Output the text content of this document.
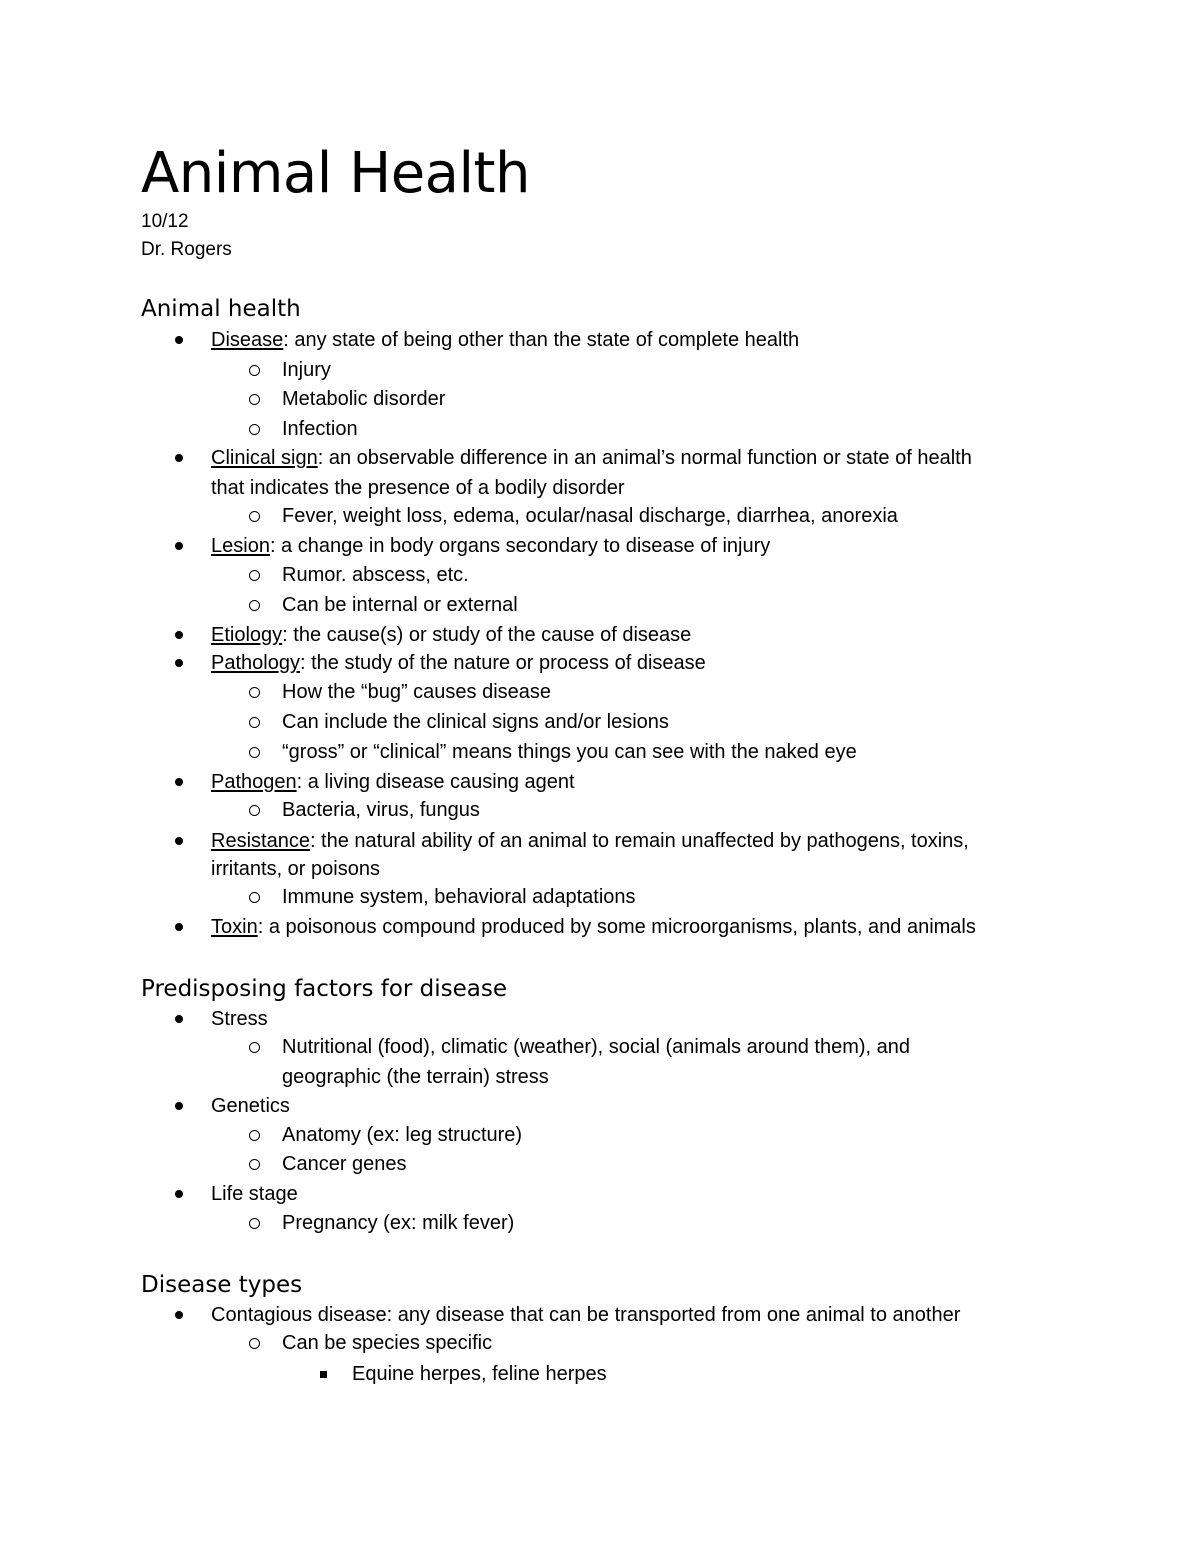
Animal Health
10/12
Dr. Rogers
Animal health
Disease: any state of being other than the state of complete health
Injury
Metabolic disorder
Infection
Clinical sign: an observable difference in an animal’s normal function or state of health
that indicates the presence of a bodily disorder
Fever, weight loss, edema, ocular/nasal discharge, diarrhea, anorexia
Lesion: a change in body organs secondary to disease of injury
Rumor. abscess, etc.
Can be internal or external
Etiology: the cause(s) or study of the cause of disease
Pathology: the study of the nature or process of disease
How the “bug” causes disease
Can include the clinical signs and/or lesions
“gross” or “clinical” means things you can see with the naked eye
Pathogen: a living disease causing agent
Bacteria, virus, fungus
Resistance: the natural ability of an animal to remain unaffected by pathogens, toxins,
irritants, or poisons
Immune system, behavioral adaptations
Toxin: a poisonous compound produced by some microorganisms, plants, and animals
Predisposing factors for disease
Stress
Nutritional (food), climatic (weather), social (animals around them), and
geographic (the terrain) stress
Genetics
Anatomy (ex: leg structure)
Cancer genes
Life stage
Pregnancy (ex: milk fever)
Disease types
Contagious disease: any disease that can be transported from one animal to another
Can be species specific
Equine herpes, feline herpes
